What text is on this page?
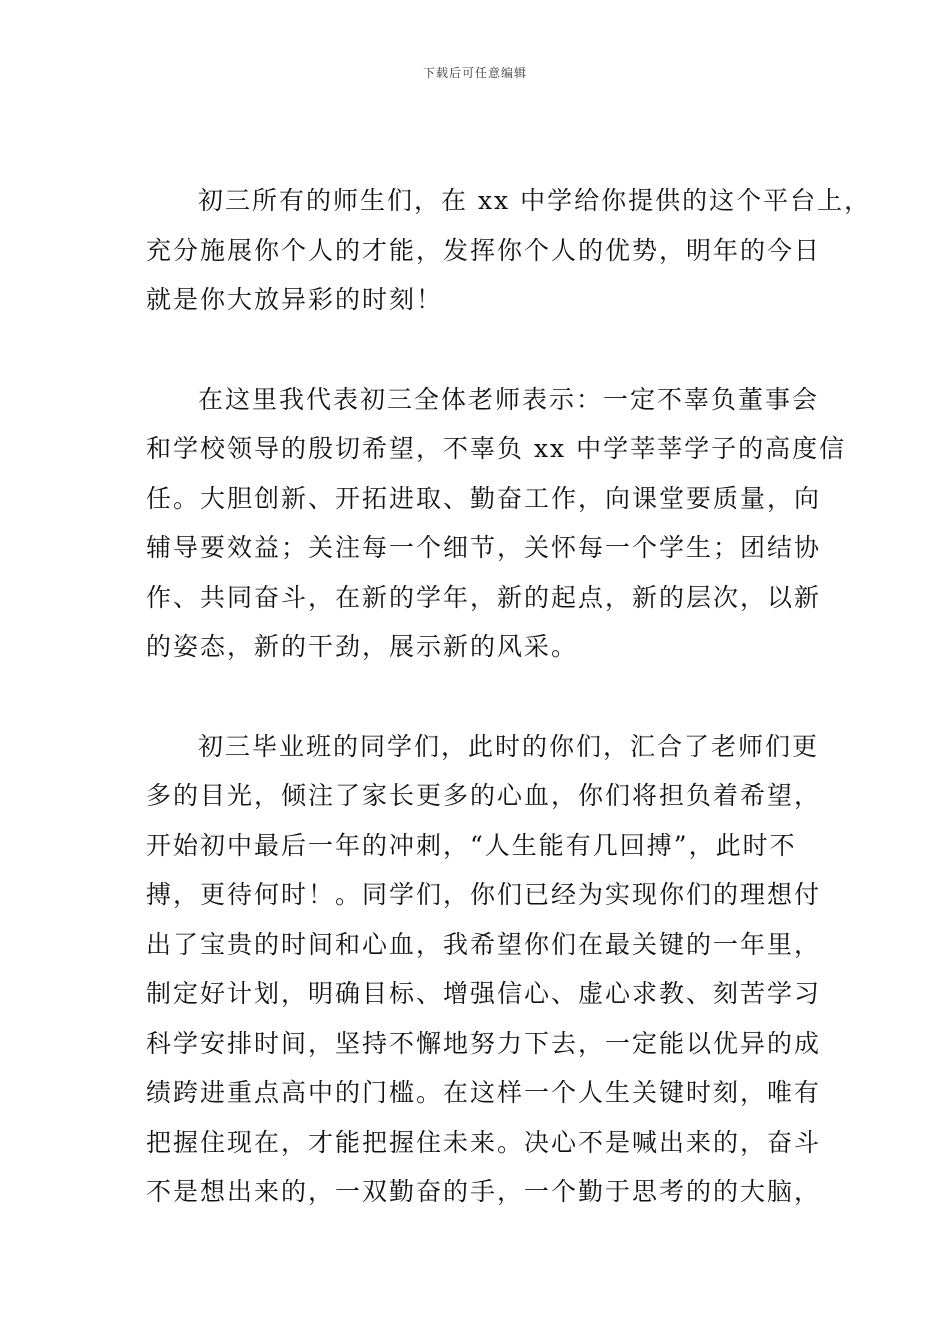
下载后可任意编辑

初三所有的师生们，在 xx 中学给你提供的这个平台上，
充分施展你个人的才能，发挥你个人的优势，明年的今日
就是你大放异彩的时刻！

在这里我代表初三全体老师表示：一定不辜负董事会
和学校领导的殷切希望，不辜负 xx 中学莘莘学子的高度信
任。大胆创新、开拓进取、勤奋工作，向课堂要质量，向
辅导要效益；关注每一个细节，关怀每一个学生；团结协
作、共同奋斗，在新的学年，新的起点，新的层次，以新
的姿态，新的干劲，展示新的风采。

初三毕业班的同学们，此时的你们，汇合了老师们更
多的目光，倾注了家长更多的心血，你们将担负着希望，
开始初中最后一年的冲刺，“人生能有几回搏”，此时不
搏，更待何时！。同学们，你们已经为实现你们的理想付
出了宝贵的时间和心血，我希望你们在最关键的一年里，
制定好计划，明确目标、增强信心、虚心求教、刻苦学习
科学安排时间，坚持不懈地努力下去，一定能以优异的成
绩跨进重点高中的门槛。在这样一个人生关键时刻，唯有
把握住现在，才能把握住未来。决心不是喊出来的，奋斗
不是想出来的，一双勤奋的手，一个勤于思考的的大脑，
